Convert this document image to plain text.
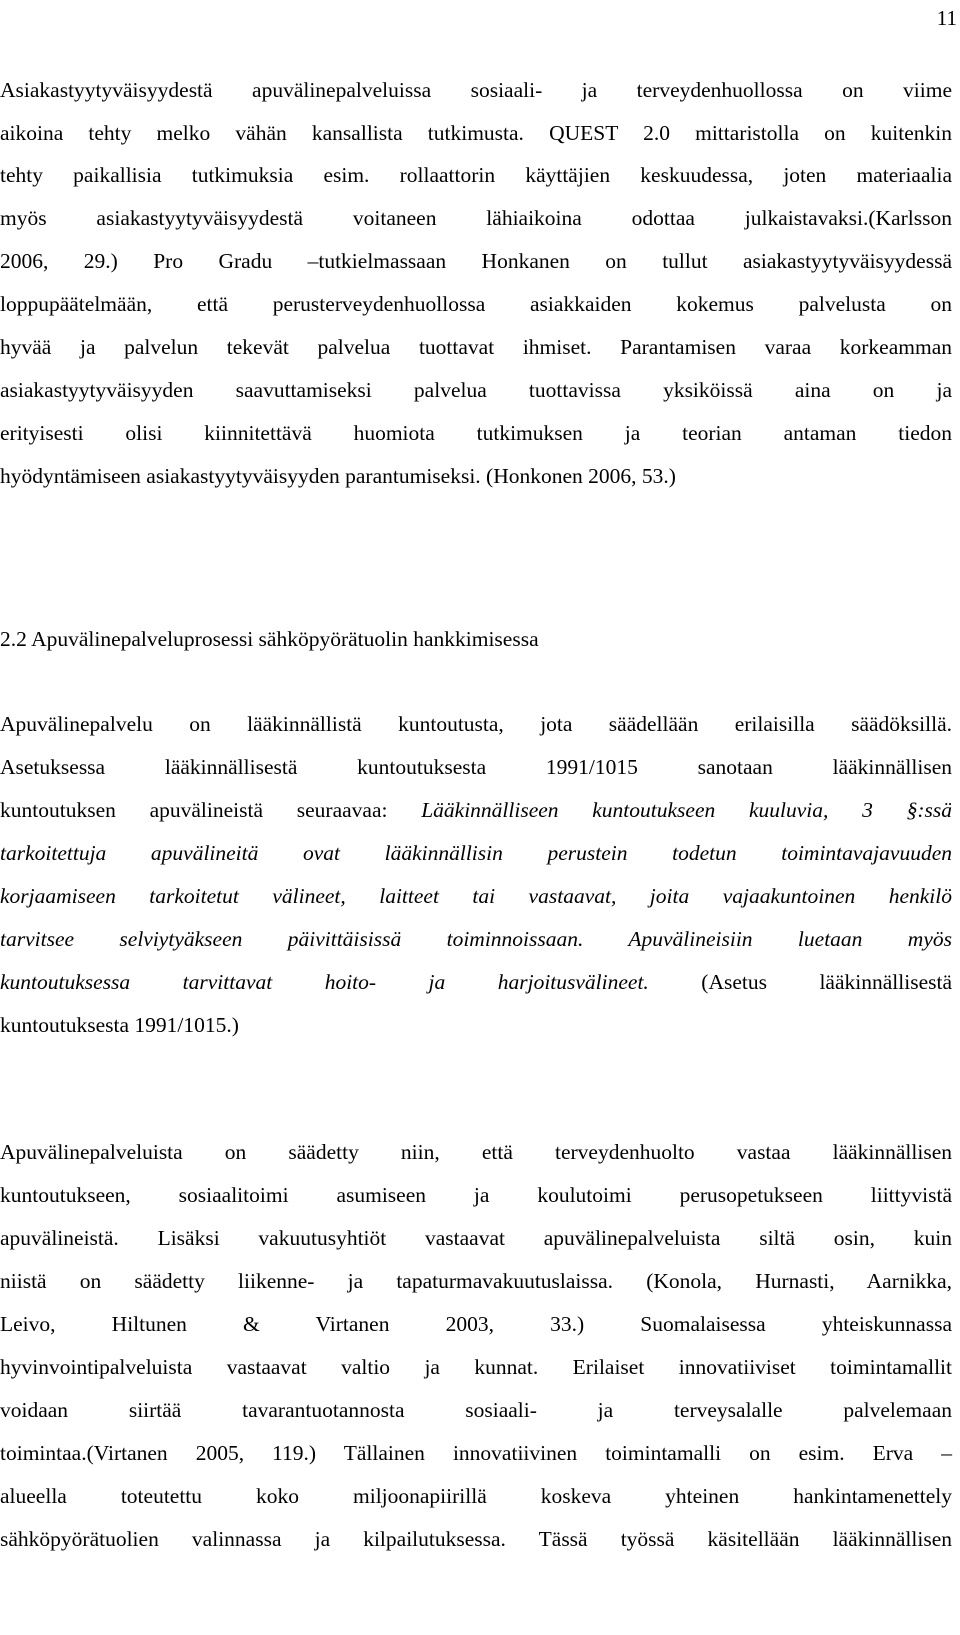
11
Asiakastyytyväisyydestä apuvälinepalveluissa sosiaali- ja terveydenhuollossa on viime
aikoina tehty melko vähän kansallista tutkimusta. QUEST 2.0 mittaristolla on kuitenkin
tehty paikallisia tutkimuksia esim. rollaattorin käyttäjien keskuudessa, joten materiaalia
myös asiakastyytyväisyydestä voitaneen lähiaikoina odottaa julkaistavaksi.(Karlsson
2006, 29.) Pro Gradu –tutkielmassaan Honkanen on tullut asiakastyytyväisyydessä
loppupäätelmään, että perusterveydenhuollossa asiakkaiden kokemus palvelusta on
hyvää ja palvelun tekevät palvelua tuottavat ihmiset. Parantamisen varaa korkeamman
asiakastyytyväisyyden saavuttamiseksi palvelua tuottavissa yksiköissä aina on ja
erityisesti olisi kiinnitettävä huomiota tutkimuksen ja teorian antaman tiedon
hyödyntämiseen asiakastyytyväisyyden parantumiseksi. (Honkonen 2006, 53.)
2.2 Apuvälinepalveluprosessi sähköpyörätuolin hankkimisessa
Apuvälinepalvelu on lääkinnällistä kuntoutusta, jota säädellään erilaisilla säädöksillä.
Asetuksessa lääkinnällisestä kuntoutuksesta 1991/1015 sanotaan lääkinnällisen
kuntoutuksen apuvälineistä seuraavaa: Lääkinnälliseen kuntoutukseen kuuluvia, 3 §:ssä
tarkoitettuja apuvälineitä ovat lääkinnällisin perustein todetun toimintavajavuuden
korjaamiseen tarkoitetut välineet, laitteet tai vastaavat, joita vajaakuntoinen henkilö
tarvitsee selviytyäkseen päivittäisissä toiminnoissaan. Apuvälineisiin luetaan myös
kuntoutuksessa tarvittavat hoito- ja harjoitusvälineet. (Asetus lääkinnällisestä
kuntoutuksesta 1991/1015.)
Apuvälinepalveluista on säädetty niin, että terveydenhuolto vastaa lääkinnällisen
kuntoutukseen, sosiaalitoimi asumiseen ja koulutoimi perusopetukseen liittyvistä
apuvälineistä. Lisäksi vakuutusyhtiöt vastaavat apuvälinepalveluista siltä osin, kuin
niistä on säädetty liikenne- ja tapaturmavakuutuslaissa. (Konola, Hurnasti, Aarnikka,
Leivo, Hiltunen & Virtanen 2003, 33.) Suomalaisessa yhteiskunnassa
hyvinvointipalveluista vastaavat valtio ja kunnat. Erilaiset innovatiiviset toimintamallit
voidaan siirtää tavarantuotannosta sosiaali- ja terveysalalle palvelemaan
toimintaa.(Virtanen 2005, 119.) Tällainen innovatiivinen toimintamalli on esim. Erva –
alueella toteutettu koko miljoonapiirillä koskeva yhteinen hankintamenettely
sähköpyörätuolien valinnassa ja kilpailutuksessa. Tässä työssä käsitellään lääkinnällisen
